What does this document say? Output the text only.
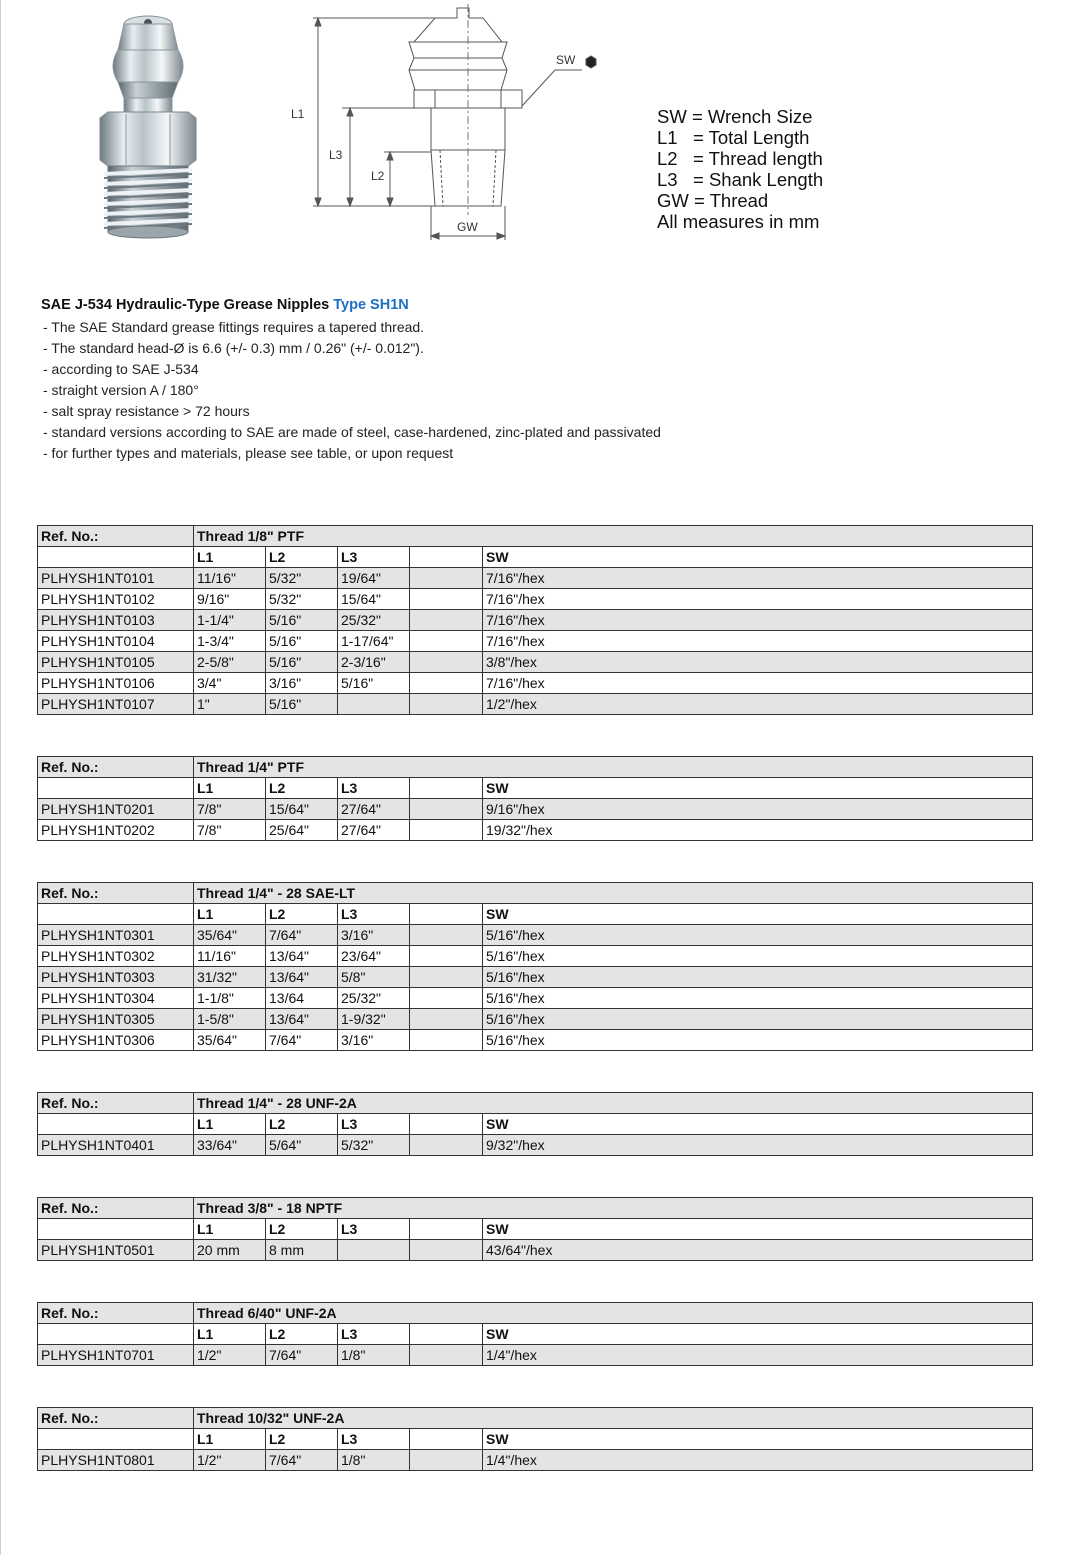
L1
L3
L2
SW
GW
SW = Wrench Size
L1   = Total Length
L2   = Thread length
L3   = Shank Length
GW = Thread
All measures in mm
SAE J-534 Hydraulic-Type Grease Nipples Type SH1N
- The SAE Standard grease fittings requires a tapered thread.
- The standard head-Ø is 6.6 (+/- 0.3) mm / 0.26" (+/- 0.012").
- according to SAE J-534
- straight version A / 180°
- salt spray resistance > 72 hours
- standard versions according to SAE are made of steel, case-hardened, zinc-plated and passivated
- for further types and materials, please see table, or upon request
Ref. No.:	Thread 1/8" PTF				
	L1	L2	L3		SW
PLHYSH1NT0101	11/16"	5/32"	19/64"		7/16"/hex
PLHYSH1NT0102	9/16"	5/32"	15/64"		7/16"/hex
PLHYSH1NT0103	1-1/4"	5/16"	25/32"		7/16"/hex
PLHYSH1NT0104	1-3/4"	5/16"	1-17/64"		7/16"/hex
PLHYSH1NT0105	2-5/8"	5/16"	2-3/16"		3/8"/hex
PLHYSH1NT0106	3/4"	3/16"	5/16"		7/16"/hex
PLHYSH1NT0107	1"	5/16"			1/2"/hex
Ref. No.:	Thread 1/4" PTF				
	L1	L2	L3		SW
PLHYSH1NT0201	7/8"	15/64"	27/64"		9/16"/hex
PLHYSH1NT0202	7/8"	25/64"	27/64"		19/32"/hex
Ref. No.:	Thread 1/4" - 28 SAE-LT				
	L1	L2	L3		SW
PLHYSH1NT0301	35/64"	7/64"	3/16"		5/16"/hex
PLHYSH1NT0302	11/16"	13/64"	23/64"		5/16"/hex
PLHYSH1NT0303	31/32"	13/64"	5/8"		5/16"/hex
PLHYSH1NT0304	1-1/8"	13/64	25/32"		5/16"/hex
PLHYSH1NT0305	1-5/8"	13/64"	1-9/32"		5/16"/hex
PLHYSH1NT0306	35/64"	7/64"	3/16"		5/16"/hex
Ref. No.:	Thread 1/4" - 28 UNF-2A				
	L1	L2	L3		SW
PLHYSH1NT0401	33/64"	5/64"	5/32"		9/32"/hex
Ref. No.:	Thread 3/8" - 18 NPTF				
	L1	L2	L3		SW
PLHYSH1NT0501	20 mm	8 mm			43/64"/hex
Ref. No.:	Thread 6/40" UNF-2A				
	L1	L2	L3		SW
PLHYSH1NT0701	1/2"	7/64"	1/8"		1/4"/hex
Ref. No.:	Thread 10/32" UNF-2A				
	L1	L2	L3		SW
PLHYSH1NT0801	1/2"	7/64"	1/8"		1/4"/hex
